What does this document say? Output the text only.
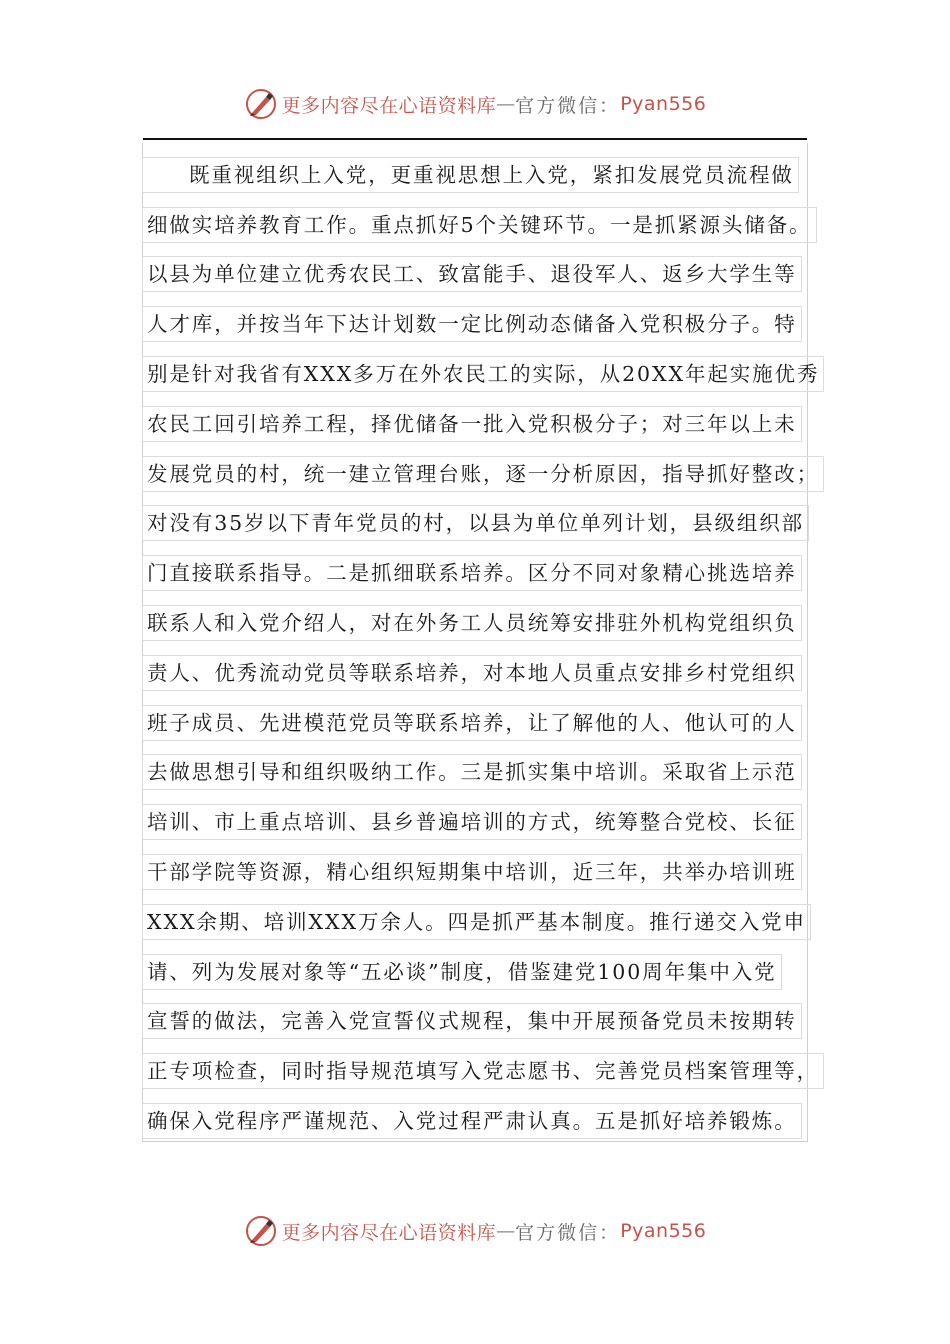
更多内容尽在心语资料库 — 官方微信： Pyan556
既重视组织上入党，更重视思想上入党，紧扣发展党员流程做
细做实培养教育工作。重点抓好5个关键环节。一是抓紧源头储备。
以县为单位建立优秀农民工、致富能手、退役军人、返乡大学生等
人才库，并按当年下达计划数一定比例动态储备入党积极分子。特
别是针对我省有XXX多万在外农民工的实际，从20XX年起实施优秀
农民工回引培养工程，择优储备一批入党积极分子；对三年以上未
发展党员的村，统一建立管理台账，逐一分析原因，指导抓好整改；
对没有35岁以下青年党员的村，以县为单位单列计划，县级组织部
门直接联系指导。二是抓细联系培养。区分不同对象精心挑选培养
联系人和入党介绍人，对在外务工人员统筹安排驻外机构党组织负
责人、优秀流动党员等联系培养，对本地人员重点安排乡村党组织
班子成员、先进模范党员等联系培养，让了解他的人、他认可的人
去做思想引导和组织吸纳工作。三是抓实集中培训。采取省上示范
培训、市上重点培训、县乡普遍培训的方式，统筹整合党校、长征
干部学院等资源，精心组织短期集中培训，近三年，共举办培训班
XXX余期、培训XXX万余人。四是抓严基本制度。推行递交入党申
请、列为发展对象等“五必谈”制度，借鉴建党100周年集中入党
宣誓的做法，完善入党宣誓仪式规程，集中开展预备党员未按期转
正专项检查，同时指导规范填写入党志愿书、完善党员档案管理等，
确保入党程序严谨规范、入党过程严肃认真。五是抓好培养锻炼。
更多内容尽在心语资料库 — 官方微信： Pyan556
